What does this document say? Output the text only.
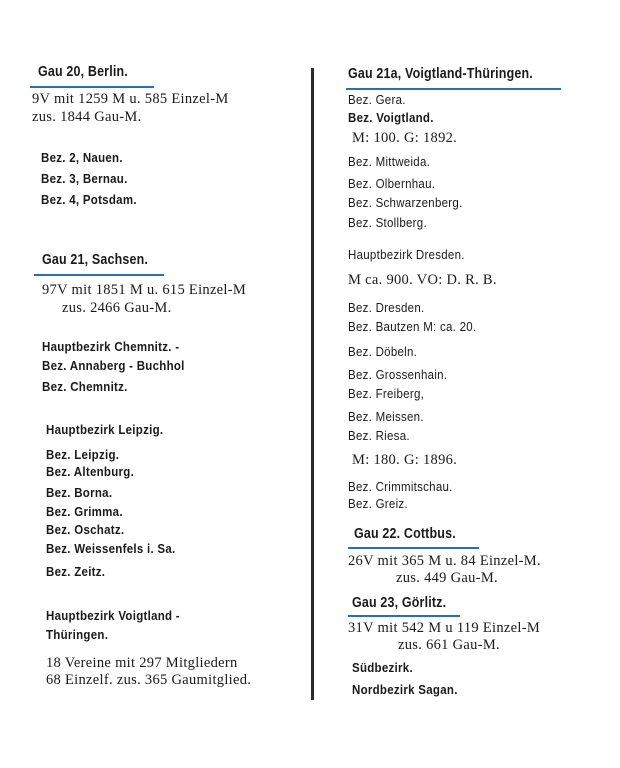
Gau 20, Berlin.
9V mit 1259 M u. 585 Einzel-M
zus. 1844 Gau-M.
Bez. 2, Nauen.
Bez. 3, Bernau.
Bez. 4, Potsdam.
Gau 21, Sachsen.
97V mit 1851 M u. 615 Einzel-M
zus. 2466 Gau-M.
Hauptbezirk Chemnitz. -
Bez. Annaberg - Buchhol
Bez. Chemnitz.
Hauptbezirk Leipzig.
Bez. Leipzig.
Bez. Altenburg.
Bez. Borna.
Bez. Grimma.
Bez. Oschatz.
Bez. Weissenfels i. Sa.
Bez. Zeitz.
Hauptbezirk Voigtland -
Thüringen.
18 Vereine mit 297 Mitgliedern
68 Einzelf. zus. 365 Gaumitglied.
Gau 21a, Voigtland-Thüringen.
Bez. Gera.
Bez. Voigtland.
M: 100. G: 1892.
Bez. Mittweida.
Bez. Olbernhau.
Bez. Schwarzenberg.
Bez. Stollberg.
Hauptbezirk Dresden.
M ca. 900. VO: D. R. B.
Bez. Dresden.
Bez. Bautzen M: ca. 20.
Bez. Döbeln.
Bez. Grossenhain.
Bez. Freiberg,
Bez. Meissen.
Bez. Riesa.
M: 180. G: 1896.
Bez. Crimmitschau.
Bez. Greiz.
Gau 22. Cottbus.
26V mit 365 M u. 84 Einzel-M.
zus. 449 Gau-M.
Gau 23, Görlitz.
31V mit 542 M u 119 Einzel-M
zus. 661 Gau-M.
Südbezirk.
Nordbezirk Sagan.
